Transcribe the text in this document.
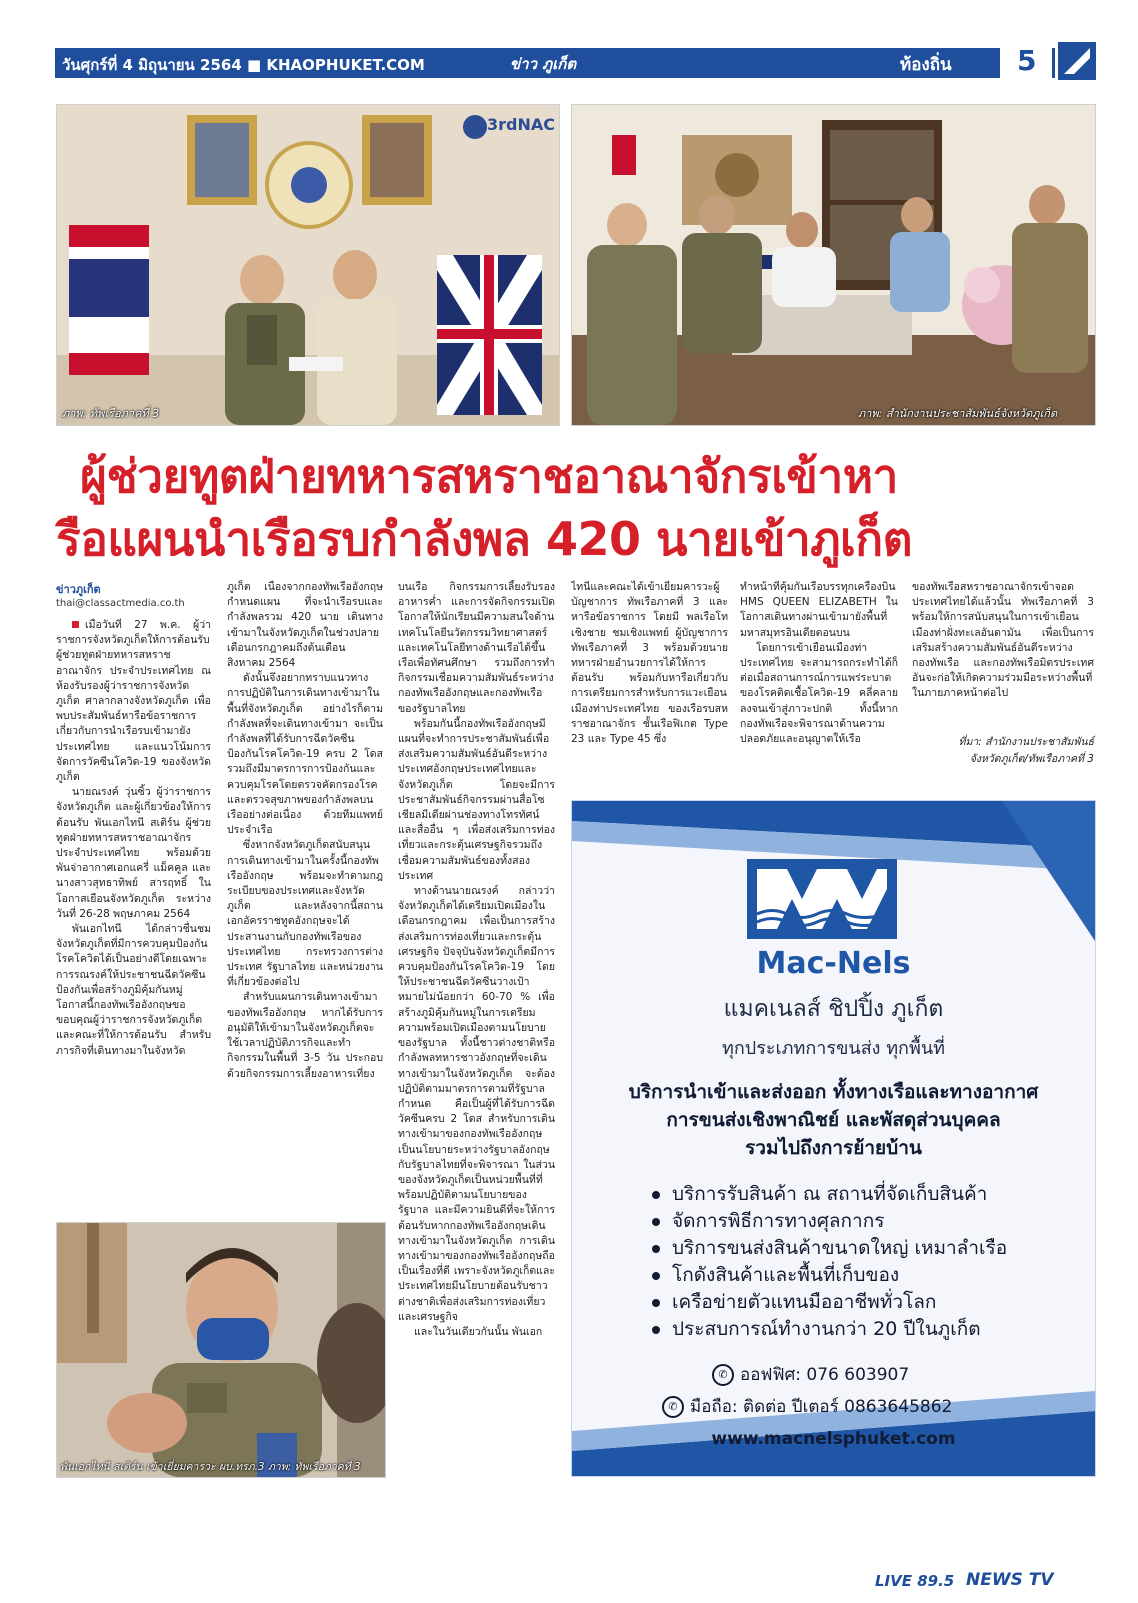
วันศุกร์ที่ 4 มิถุนายน 2564 ■ KHAOPHUKET.COM	ข่าว ภูเก็ต	ท้องถิ่น 5
ภาพ: ทัพเรือภาคที่ 3
3rdNAC
ภาพ: สำนักงานประชาสัมพันธ์จังหวัดภูเก็ต
ผู้ช่วยทูตฝ่ายทหารสหราชอาณาจักรเข้าหา
รือแผนนำเรือรบกำลังพล 420 นายเข้าภูเก็ต
ข่าวภูเก็ต
thai@classactmedia.co.th

เมื่อวันที่ 27 พ.ค. ผู้ว่าราชการจังหวัดภูเก็ตให้การต้อนรับ ผู้ช่วยทูตฝ่ายทหารสหราชอาณาจักร ประจำประเทศไทย ณ ห้องรับรองผู้ว่าราชการจังหวัดภูเก็ต ศาลากลางจังหวัดภูเก็ต เพื่อพบประสัมพันธ์หารือข้อราชการเกี่ยวกับการนำเรือรบเข้ามายังประเทศไทย และแนวโน้มการจัดการวัคซีนโควิด-19 ของจังหวัดภูเก็ต

นายณรงค์ วุ่นซิ้ว ผู้ว่าราชการจังหวัดภูเก็ต และผู้เกี่ยวข้องให้การต้อนรับ พันเอกไทนี สเติร์น ผู้ช่วยทูตฝ่ายทหารสหราชอาณาจักร ประจำประเทศไทย พร้อมด้วยพันจ่าอากาศเอกแครี่ แม็คคูล และนางสาวสุทธาทิพย์ สารฤทธิ์ ในโอกาสเยือนจังหวัดภูเก็ต ระหว่างวันที่ 26-28 พฤษภาคม 2564

พันเอกไทนี ได้กล่าวชื่นชมจังหวัดภูเก็ตที่มีการควบคุมป้องกันโรคโควิดได้เป็นอย่างดีโดยเฉพาะการรณรงค์ให้ประชาชนฉีดวัคซีนป้องกันเพื่อสร้างภูมิคุ้มกันหมู่ โอกาสนี้กองทัพเรืออังกฤษขอขอบคุณผู้ว่าราชการจังหวัดภูเก็ตและคณะที่ให้การต้อนรับ สำหรับภารกิจที่เดินทางมาในจังหวัด

ภูเก็ต เนื่องจากกองทัพเรืออังกฤษกำหนดแผน ที่จะนำเรือรบและกำลังพลรวม 420 นาย เดินทางเข้ามาในจังหวัดภูเก็ตในช่วงปลายเดือนกรกฎาคมถึงต้นเดือนสิงหาคม 2564

ดังนั้นจึงอยากทราบแนวทางการปฏิบัติในการเดินทางเข้ามาในพื้นที่จังหวัดภูเก็ต อย่างไรก็ตามกำลังพลที่จะเดินทางเข้ามา จะเป็นกำลังพลที่ได้รับการฉีดวัคซีนป้องกันโรคโควิด-19 ครบ 2 โดส รวมถึงมีมาตรการการป้องกันและควบคุมโรคโดยตรวจคัดกรองโรคและตรวจสุขภาพของกำลังพลบนเรืออย่างต่อเนื่อง ด้วยทีมแพทย์ประจำเรือ

ซึ่งหากจังหวัดภูเก็ตสนับสนุนการเดินทางเข้ามาในครั้งนี้กองทัพเรืออังกฤษ พร้อมจะทำตามกฎระเบียบของประเทศและจังหวัดภูเก็ต และหลังจากนี้สถานเอกอัครราชทูตอังกฤษจะได้ประสานงานกับกองทัพเรือของประเทศไทย กระทรวงการต่างประเทศ รัฐบาลไทย และหน่วยงานที่เกี่ยวข้องต่อไป

สำหรับแผนการเดินทางเข้ามาของทัพเรืออังกฤษ หากได้รับการอนุมัติให้เข้ามาในจังหวัดภูเก็ตจะใช้เวลาปฏิบัติภารกิจและทำกิจกรรมในพื้นที่ 3-5 วัน ประกอบด้วยกิจกรรมการเลี้ยงอาหารเที่ยง

บนเรือ กิจกรรมการเลี้ยงรับรองอาหารค่ำ และการจัดกิจกรรมเปิดโอกาสให้นักเรียนมีความสนใจด้านเทคโนโลยีนวัตกรรมวิทยาศาสตร์ และเทคโนโลยีทางด้านเรือได้ขึ้นเรือเพื่อทัศนศึกษา รวมถึงการทำกิจกรรมเชื่อมความสัมพันธ์ระหว่างกองทัพเรืออังกฤษและกองทัพเรือของรัฐบาลไทย

พร้อมกันนี้กองทัพเรืออังกฤษมีแผนที่จะทำการประชาสัมพันธ์เพื่อส่งเสริมความสัมพันธ์อันดีระหว่างประเทศอังกฤษประเทศไทยและจังหวัดภูเก็ต โดยจะมีการประชาสัมพันธ์กิจกรรมผ่านสื่อโซเชียลมีเดียผ่านช่องทางโทรทัศน์และสื่ออื่น ๆ เพื่อส่งเสริมการท่องเที่ยวและกระตุ้นเศรษฐกิจรวมถึงเชื่อมความสัมพันธ์ของทั้งสองประเทศ

ทางด้านนายณรงค์ กล่าวว่า จังหวัดภูเก็ตได้เตรียมเปิดเมืองในเดือนกรกฎาคม เพื่อเป็นการสร้างส่งเสริมการท่องเที่ยวและกระตุ้นเศรษฐกิจ ปัจจุบันจังหวัดภูเก็ตมีการควบคุมป้องกันโรคโควิด-19 โดยให้ประชาชนฉีดวัคซีนวางเป้าหมายไม่น้อยกว่า 60-70 % เพื่อสร้างภูมิคุ้มกันหมู่ในการเตรียมความพร้อมเปิดเมืองตามนโยบายของรัฐบาล ทั้งนี้ชาวต่างชาติหรือกำลังพลทหารชาวอังกฤษที่จะเดินทางเข้ามาในจังหวัดภูเก็ต จะต้องปฏิบัติตามมาตรการตามที่รัฐบาลกำหนด คือเป็นผู้ที่ได้รับการฉีดวัคซีนครบ 2 โดส สำหรับการเดินทางเข้ามาของกองทัพเรืออังกฤษเป็นนโยบายระหว่างรัฐบาลอังกฤษกับรัฐบาลไทยที่จะพิจารณา ในส่วนของจังหวัดภูเก็ตเป็นหน่วยพื้นที่ที่พร้อมปฏิบัติตามนโยบายของรัฐบาล และมีความยินดีที่จะให้การต้อนรับหากกองทัพเรืออังกฤษเดินทางเข้ามาในจังหวัดภูเก็ต การเดินทางเข้ามาของกองทัพเรืออังกฤษถือเป็นเรื่องที่ดี เพราะจังหวัดภูเก็ตและประเทศไทยมีนโยบายต้อนรับชาวต่างชาติเพื่อส่งเสริมการท่องเที่ยวและเศรษฐกิจ

และในวันเดียวกันนั้น พันเอก

ไทนีและคณะได้เข้าเยี่ยมคารวะผู้บัญชาการ ทัพเรือภาคที่ 3 และหารือข้อราชการ โดยมี พลเรือโท เชิงชาย ชมเชิงแพทย์ ผู้บัญชาการทัพเรือภาคที่ 3 พร้อมด้วยนายทหารฝ่ายอำนวยการได้ให้การต้อนรับ พร้อมกับหารือเกี่ยวกับการเตรียมการสำหรับการแวะเยือนเมืองท่าประเทศไทย ของเรือรบสหราชอาณาจักร ชั้นเรือฟิเกต Type 23 และ Type 45 ซึ่ง

ทำหน้าที่คุ้มกันเรือบรรทุกเครื่องบิน HMS QUEEN ELIZABETH ในโอกาสเดินทางผ่านเข้ามายังพื้นที่มหาสมุทรอินเดียตอนบน

โดยการเข้าเยือนเมืองท่าประเทศไทย จะสามารถกระทำได้ก็ต่อเมื่อสถานการณ์การแพร่ระบาดของโรคติดเชื้อโควิด-19 คลี่คลายลงจนเข้าสู่ภาวะปกติ ทั้งนี้หากกองทัพเรือจะพิจารณาด้านความปลอดภัยและอนุญาตให้เรือ

ของทัพเรือสหราชอาณาจักรเข้าจอดประเทศไทยได้แล้วนั้น ทัพเรือภาคที่ 3 พร้อมให้การสนับสนุนในการเข้าเยือนเมืองท่าฝั่งทะเลอันดามัน เพื่อเป็นการเสริมสร้างความสัมพันธ์อันดีระหว่างกองทัพเรือ และกองทัพเรือมิตรประเทศอันจะก่อให้เกิดความร่วมมือระหว่างพื้นที่ในภายภาคหน้าต่อไป

ที่มา: สำนักงานประชาสัมพันธ์
จังหวัดภูเก็ต/ทัพเรือภาคที่ 3
พันเอกไทนี สเติร์น เข้าเยี่ยมคารวะ ผบ.ทรภ.3 ภาพ: ทัพเรือภาคที่ 3
Mac-Nels
แมคเนลส์ ชิปปิ้ง ภูเก็ต
ทุกประเภทการขนส่ง ทุกพื้นที่
บริการนำเข้าและส่งออก ทั้งทางเรือและทางอากาศ
การขนส่งเชิงพาณิชย์ และพัสดุส่วนบุคคล
รวมไปถึงการย้ายบ้าน
บริการรับสินค้า ณ สถานที่จัดเก็บสินค้า
จัดการพิธีการทางศุลกากร
บริการขนส่งสินค้าขนาดใหญ่ เหมาลำเรือ
โกดังสินค้าและพื้นที่เก็บของ
เครือข่ายตัวแทนมืออาชีพทั่วโลก
ประสบการณ์ทำงานกว่า 20 ปีในภูเก็ต
✆ ออฟฟิศ: 076 603907
✆ มือถือ: ติดต่อ ปีเตอร์ 0863645862
www.macnelsphuket.com
LIVE 89.5 NEWS TV
